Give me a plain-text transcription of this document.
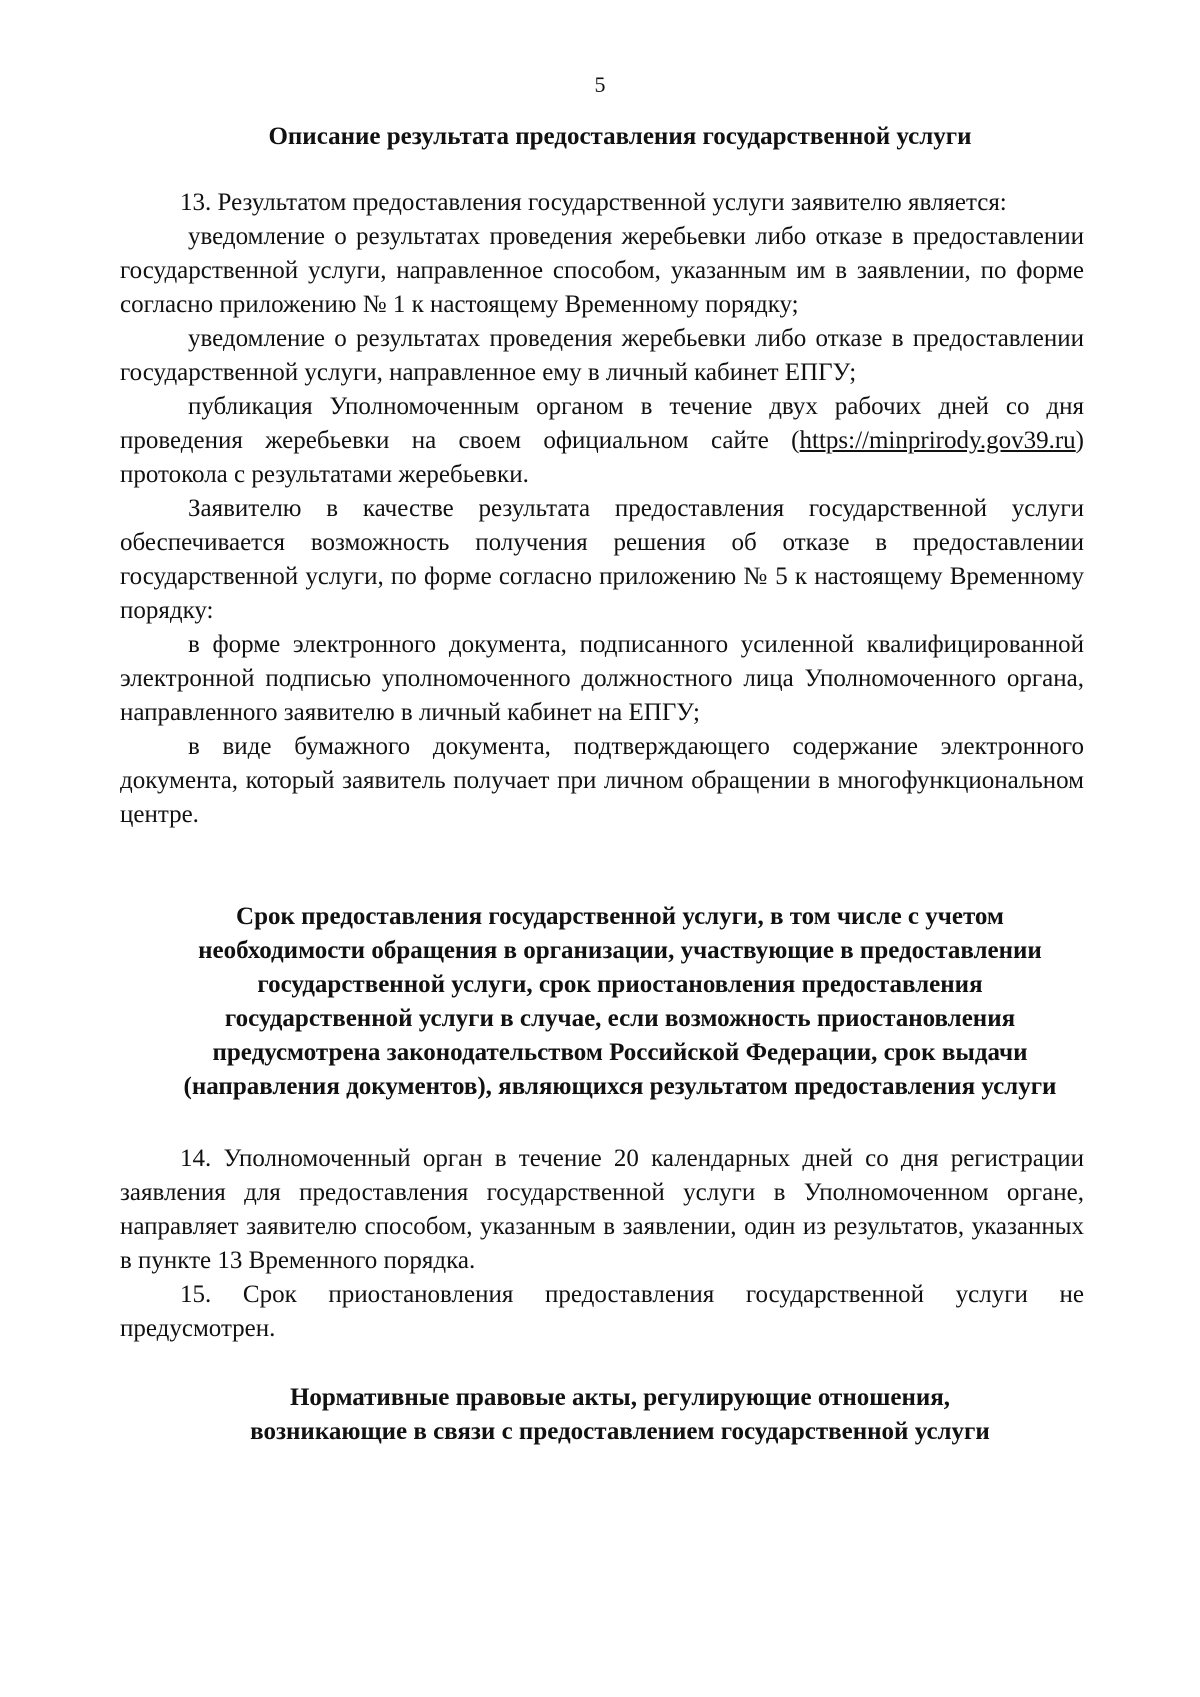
5
Описание результата предоставления государственной услуги

13. Результатом предоставления государственной услуги заявителю является:

уведомление о результатах проведения жеребьевки либо отказе в предоставлении государственной услуги, направленное способом, указанным им в заявлении, по форме согласно приложению № 1 к настоящему Временному порядку;

уведомление о результатах проведения жеребьевки либо отказе в предоставлении государственной услуги, направленное ему в личный кабинет ЕПГУ;

публикация Уполномоченным органом в течение двух рабочих дней со дня проведения жеребьевки на своем официальном сайте (https://minprirody.gov39.ru) протокола с результатами жеребьевки.

Заявителю в качестве результата предоставления государственной услуги обеспечивается возможность получения решения об отказе в предоставлении государственной услуги, по форме согласно приложению № 5 к настоящему Временному порядку:

в форме электронного документа, подписанного усиленной квалифицированной электронной подписью уполномоченного должностного лица Уполномоченного органа, направленного заявителю в личный кабинет на ЕПГУ;

в виде бумажного документа, подтверждающего содержание электронного документа, который заявитель получает при личном обращении в многофункциональном центре.

Срок предоставления государственной услуги, в том числе с учетом
необходимости обращения в организации, участвующие в предоставлении
государственной услуги, срок приостановления предоставления
государственной услуги в случае, если возможность приостановления
предусмотрена законодательством Российской Федерации, срок выдачи
(направления документов), являющихся результатом предоставления услуги

14. Уполномоченный орган в течение 20 календарных дней со дня регистрации заявления для предоставления государственной услуги в Уполномоченном органе, направляет заявителю способом, указанным в заявлении, один из результатов, указанных в пункте 13 Временного порядка.

15. Срок приостановления предоставления государственной услуги не предусмотрен.

Нормативные правовые акты, регулирующие отношения,
возникающие в связи с предоставлением государственной услуги
